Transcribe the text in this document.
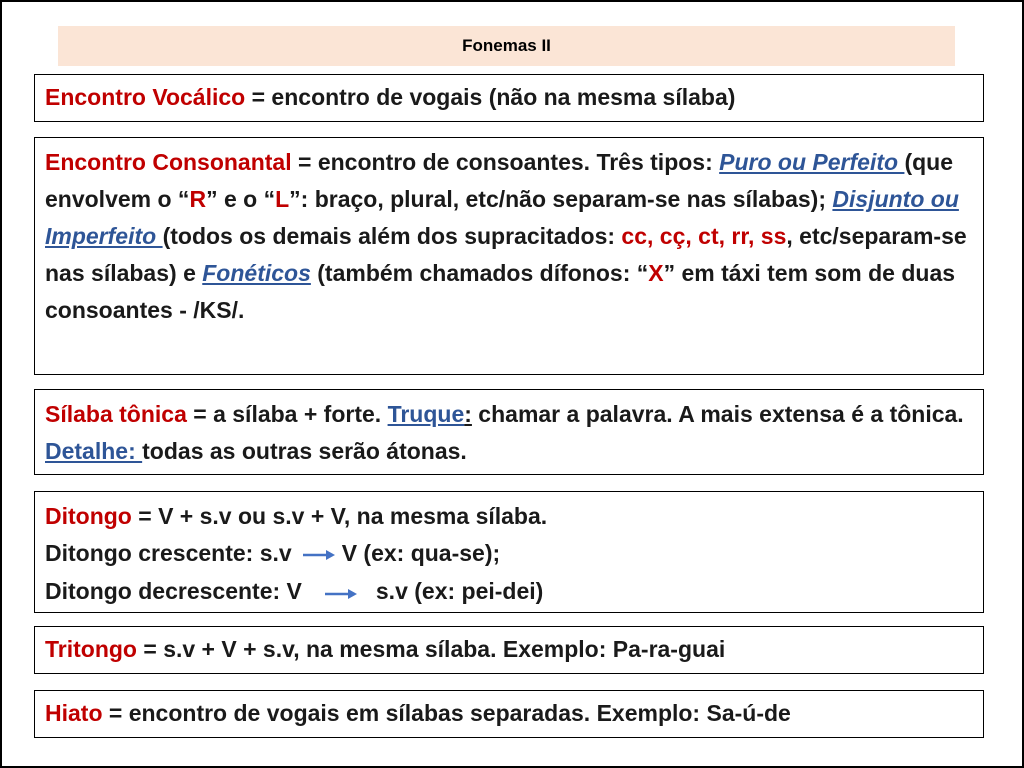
Fonemas II
Encontro Vocálico = encontro de vogais (não na mesma sílaba)
Encontro Consonantal = encontro de consoantes. Três tipos: Puro ou Perfeito (que envolvem o “R” e o “L”: braço, plural, etc/não separam-se nas sílabas); Disjunto ou Imperfeito (todos os demais além dos supracitados: cc, cç, ct, rr, ss, etc/separam-se nas sílabas) e Fonéticos (também chamados dífonos: “X” em táxi tem som de duas consoantes - /KS/.
Sílaba tônica = a sílaba + forte. Truque: chamar a palavra. A mais extensa é a tônica. Detalhe: todas as outras serão átonas.
Ditongo = V + s.v ou s.v + V, na mesma sílaba.
Ditongo crescente: s.v V (ex: qua-se);
Ditongo decrescente: V	s.v (ex: pei-dei)
Tritongo = s.v + V + s.v, na mesma sílaba. Exemplo: Pa-ra-guai
Hiato = encontro de vogais em sílabas separadas. Exemplo: Sa-ú-de
